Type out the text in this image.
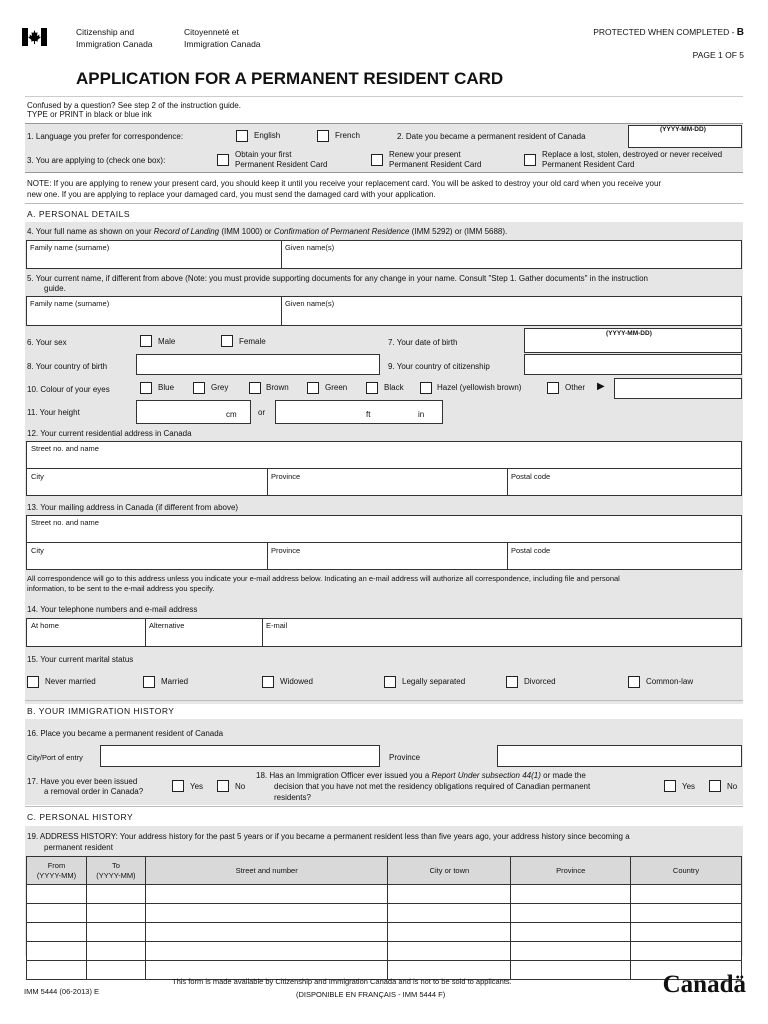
Citizenship and
Immigration Canada
Citoyenneté et
Immigration Canada
PROTECTED WHEN COMPLETED - B
PAGE 1 OF 5
APPLICATION FOR A PERMANENT RESIDENT CARD
Confused by a question? See step 2 of the instruction guide.
TYPE or PRINT in black or blue ink
1. Language you prefer for correspondence:	English	French	2. Date you became a permanent resident of Canada
(YYYY-MM-DD)
3. You are applying to (check one box):
Obtain your first
Permanent Resident Card
Renew your present
Permanent Resident Card
Replace a lost, stolen, destroyed or never received
Permanent Resident Card
NOTE: If you are applying to renew your present card, you should keep it until you receive your replacement card. You will be asked to destroy your old card when you receive your
new one. If you are applying to replace your damaged card, you must send the damaged card with your application.
A. PERSONAL DETAILS
4. Your full name as shown on your Record of Landing (IMM 1000) or Confirmation of Permanent Residence (IMM 5292) or (IMM 5688).
Family name (surname)	Given name(s)
5. Your current name, if different from above (Note: you must provide supporting documents for any change in your name. Consult "Step 1. Gather documents" in the instruction
guide.
Family name (surname)	Given name(s)
6. Your sex	Male	Female	7. Your date of birth
(YYYY-MM-DD)
8. Your country of birth	9. Your country of citizenship
10. Colour of your eyes	Blue	Grey	Brown	Green	Black	Hazel (yellowish brown)	Other ▶
11. Your height	cm	or	ft	in
12. Your current residential address in Canada
Street no. and name
City	Province	Postal code
13. Your mailing address in Canada (if different from above)
Street no. and name
City	Province	Postal code
All correspondence will go to this address unless you indicate your e-mail address below. Indicating an e-mail address will authorize all correspondence, including file and personal
information, to be sent to the e-mail address you specify.
14. Your telephone numbers and e-mail address
At home	Alternative	E-mail
15. Your current marital status
Never married	Married	Widowed	Legally separated	Divorced	Common-law
B. YOUR IMMIGRATION HISTORY
16. Place you became a permanent resident of Canada
City/Port of entry	Province
17. Have you ever been issued
a removal order in Canada?
Yes	No
18. Has an Immigration Officer ever issued you a Report Under subsection 44(1) or made the
decision that you have not met the residency obligations required of Canadian permanent
residents?
Yes	No
C. PERSONAL HISTORY
19. ADDRESS HISTORY: Your address history for the past 5 years or if you became a permanent resident less than five years ago, your address history since becoming a
permanent resident
From
(YYYY-MM)	To
(YYYY-MM)	Street and number	City or town	Province	Country

IMM 5444 (06-2013) E
This form is made available by Citizenship and Immigration Canada and is not to be sold to applicants.
(DISPONIBLE EN FRANÇAIS - IMM 5444 F)	Canadä
